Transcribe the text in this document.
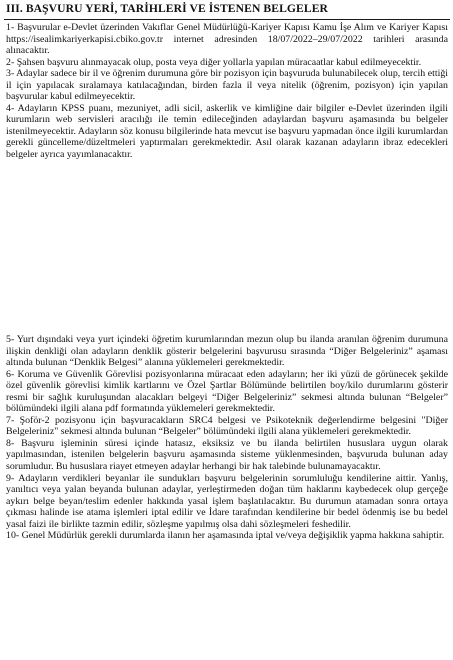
III. BAŞVURU YERİ, TARİHLERİ VE İSTENEN BELGELER

1- Başvurular e-Devlet üzerinden Vakıflar Genel Müdürlüğü-Kariyer Kapısı Kamu İşe Alım ve Kariyer Kapısı https://isealimkariyerkapisi.cbiko.gov.tr internet adresinden 18/07/2022–29/07/2022 tarihleri arasında alınacaktır.

2- Şahsen başvuru alınmayacak olup, posta veya diğer yollarla yapılan müracaatlar kabul edilmeyecektir.

3- Adaylar sadece bir il ve öğrenim durumuna göre bir pozisyon için başvuruda bulunabilecek olup, tercih ettiği il için yapılacak sıralamaya katılacağından, birden fazla il veya nitelik (öğrenim, pozisyon) için yapılan başvurular kabul edilmeyecektir.

4- Adayların KPSS puanı, mezuniyet, adli sicil, askerlik ve kimliğine dair bilgiler e-Devlet üzerinden ilgili kurumların web servisleri aracılığı ile temin edileceğinden adaylardan başvuru aşamasında bu belgeler istenilmeyecektir. Adayların söz konusu bilgilerinde hata mevcut ise başvuru yapmadan önce ilgili kurumlardan gerekli güncelleme/düzeltmeleri yaptırmaları gerekmektedir. Asıl olarak kazanan adayların ibraz edecekleri belgeler ayrıca yayımlanacaktır.

5- Yurt dışındaki veya yurt içindeki öğretim kurumlarından mezun olup bu ilanda aranılan öğrenim durumuna ilişkin denkliği olan adayların denklik gösterir belgelerini başvurusu sırasında “Diğer Belgeleriniz” aşaması altında bulunan “Denklik Belgesi” alanına yüklemeleri gerekmektedir.

6- Koruma ve Güvenlik Görevlisi pozisyonlarına müracaat eden adayların; her iki yüzü de görünecek şekilde özel güvenlik görevlisi kimlik kartlarını ve Özel Şartlar Bölümünde belirtilen boy/kilo durumlarını gösterir resmi bir sağlık kuruluşundan alacakları belgeyi “Diğer Belgeleriniz” sekmesi altında bulunan “Belgeler” bölümündeki ilgili alana pdf formatında yüklemeleri gerekmektedir.

7- Şoför-2 pozisyonu için başvuracakların SRC4 belgesi ve Psikoteknik değerlendirme belgesini "Diğer Belgeleriniz" sekmesi altında bulunan “Belgeler” bölümündeki ilgili alana yüklemeleri gerekmektedir.

8- Başvuru işleminin süresi içinde hatasız, eksiksiz ve bu ilanda belirtilen hususlara uygun olarak yapılmasından, istenilen belgelerin başvuru aşamasında sisteme yüklenmesinden, başvuruda bulunan aday sorumludur. Bu hususlara riayet etmeyen adaylar herhangi bir hak talebinde bulunamayacaktır.

9- Adayların verdikleri beyanlar ile sundukları başvuru belgelerinin sorumluluğu kendilerine aittir. Yanlış, yanıltıcı veya yalan beyanda bulunan adaylar, yerleştirmeden doğan tüm haklarını kaybedecek olup gerçeğe aykırı belge beyan/teslim edenler hakkında yasal işlem başlatılacaktır. Bu durumun atamadan sonra ortaya çıkması halinde ise atama işlemleri iptal edilir ve İdare tarafından kendilerine bir bedel ödenmiş ise bu bedel yasal faizi ile birlikte tazmin edilir, sözleşme yapılmış olsa dahi sözleşmeleri feshedilir.

10- Genel Müdürlük gerekli durumlarda ilanın her aşamasında iptal ve/veya değişiklik yapma hakkına sahiptir.
